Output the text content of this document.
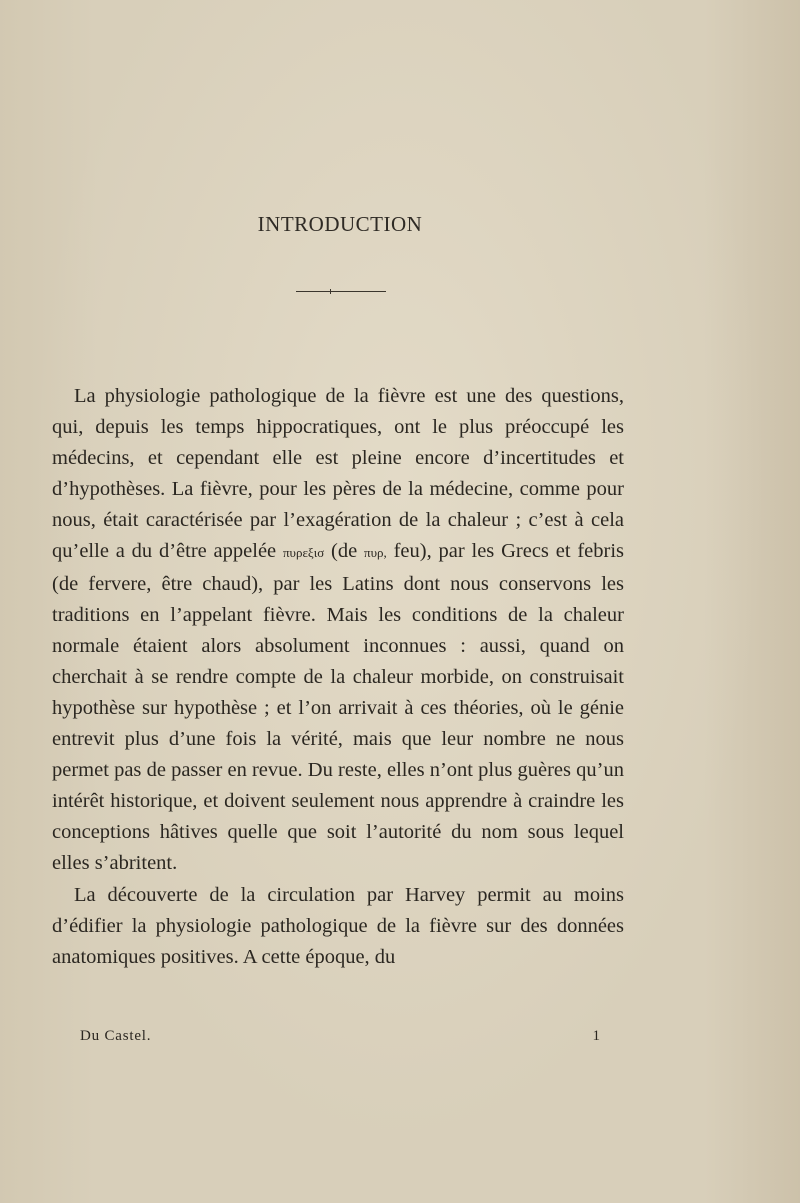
INTRODUCTION

La physiologie pathologique de la fièvre est une des questions, qui, depuis les temps hippocratiques, ont le plus préoccupé les médecins, et cependant elle est pleine encore d’incertitudes et d’hypothèses. La fièvre, pour les pères de la médecine, comme pour nous, était caractérisée par l’exagération de la chaleur ; c’est à cela qu’elle a du d’être appelée πυρεξισ (de πυρ, feu), par les Grecs et febris (de fervere, être chaud), par les Latins dont nous conservons les traditions en l’appelant fièvre. Mais les conditions de la chaleur normale étaient alors absolument inconnues : aussi, quand on cherchait à se rendre compte de la chaleur morbide, on construisait hypothèse sur hypothèse ; et l’on arrivait à ces théories, où le génie entrevit plus d’une fois la vérité, mais que leur nombre ne nous permet pas de passer en revue. Du reste, elles n’ont plus guères qu’un intérêt historique, et doivent seulement nous apprendre à craindre les conceptions hâtives quelle que soit l’autorité du nom sous lequel elles s’abritent.

La découverte de la circulation par Harvey permit au moins d’édifier la physiologie pathologique de la fièvre sur des données anatomiques positives. A cette époque, du

Du Castel.	1
